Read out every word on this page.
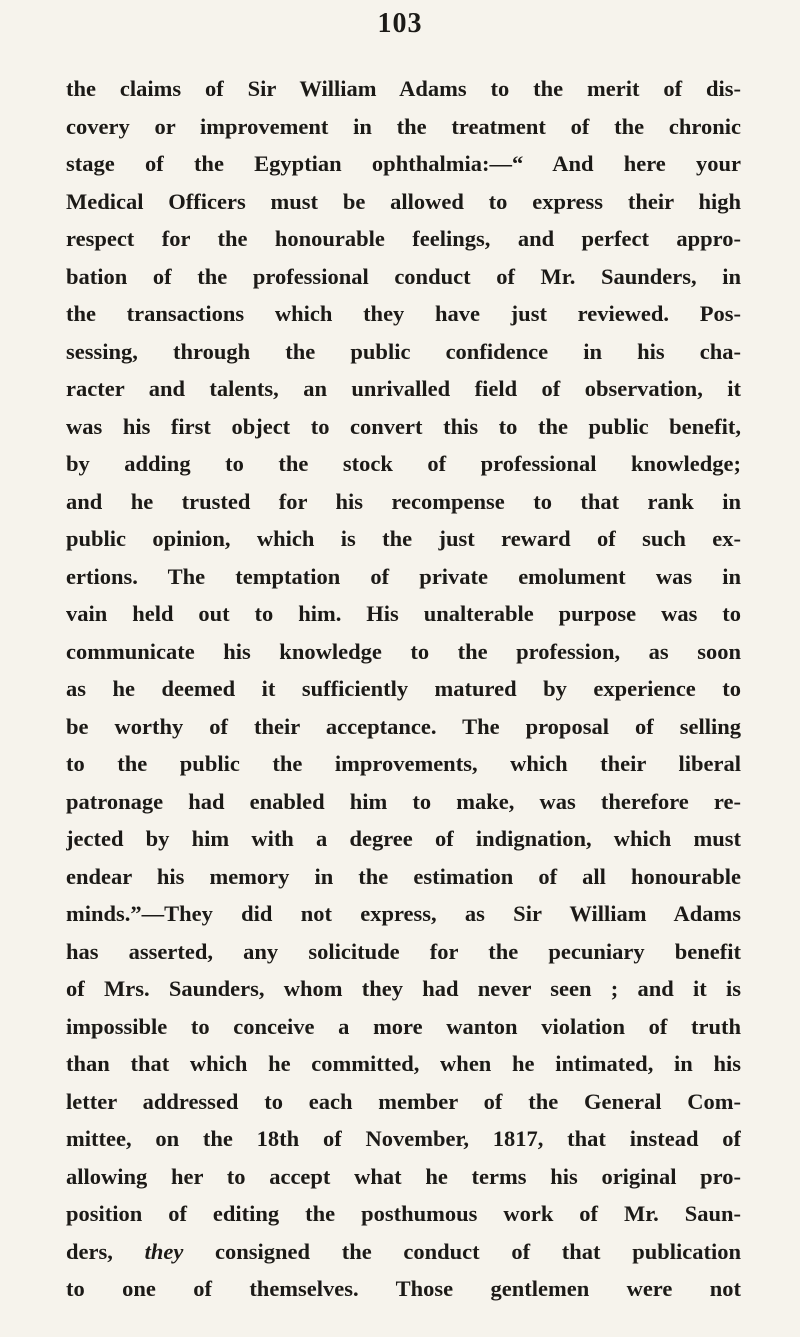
103
the claims of Sir William Adams to the merit of dis-
covery or improvement in the treatment of the chronic
stage of the Egyptian ophthalmia:—“ And here your
Medical Officers must be allowed to express their high
respect for the honourable feelings, and perfect appro-
bation of the professional conduct of Mr. Saunders, in
the transactions which they have just reviewed. Pos-
sessing, through the public confidence in his cha-
racter and talents, an unrivalled field of observation, it
was his first object to convert this to the public benefit,
by adding to the stock of professional knowledge;
and he trusted for his recompense to that rank in
public opinion, which is the just reward of such ex-
ertions. The temptation of private emolument was in
vain held out to him. His unalterable purpose was to
communicate his knowledge to the profession, as soon
as he deemed it sufficiently matured by experience to
be worthy of their acceptance. The proposal of selling
to the public the improvements, which their liberal
patronage had enabled him to make, was therefore re-
jected by him with a degree of indignation, which must
endear his memory in the estimation of all honourable
minds.”—They did not express, as Sir William Adams
has asserted, any solicitude for the pecuniary benefit
of Mrs. Saunders, whom they had never seen ; and it is
impossible to conceive a more wanton violation of truth
than that which he committed, when he intimated, in his
letter addressed to each member of the General Com-
mittee, on the 18th of November, 1817, that instead of
allowing her to accept what he terms his original pro-
position of editing the posthumous work of Mr. Saun-
ders, they consigned the conduct of that publication
to one of themselves. Those gentlemen were not
